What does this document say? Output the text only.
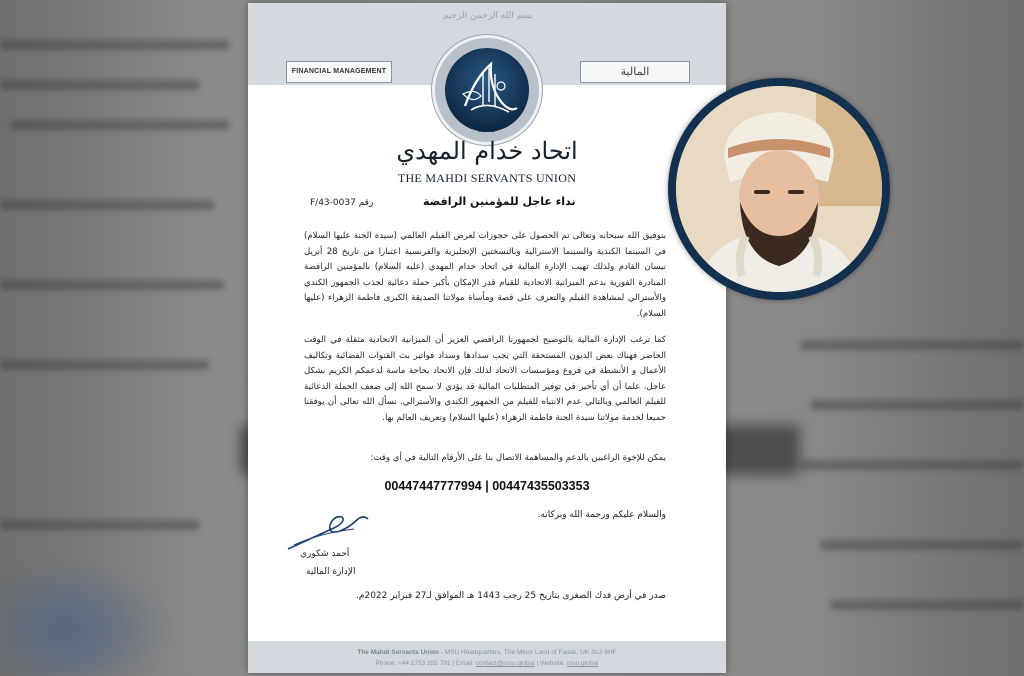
بسم الله الرحمن الرحيم
FINANCIAL MANAGEMENT	المالية
MSU
اتحاد خدام المهدي
THE MAHDI SERVANTS UNION
رقم F/43-0037	نداء عاجل للمؤمنين الرافضة

بتوفيق الله سبحانه وتعالى تم الحصول على حجوزات لعرض الفيلم العالمي (سيدة الجنة عليها السلام) في السينما الكندية والسينما الاسترالية وبالنسختين الإنجليزية والفرنسية اعتبارا من تاريخ 28 أبريل نيسان القادم ولذلك تهيب الإدارة المالية في اتحاد خدام المهدي (عليه السلام) بالمؤمنين الرافضة المبادرة الفورية بدعم الميزانية الاتحادية للقيام قدر الإمكان بأكبر حملة دعائية لجذب الجمهور الكندي والأسترالي لمشاهدة الفيلم والتعرف على قصة ومأساة مولاتنا الصديقة الكبرى فاطمة الزهراء (عليها السلام).

كما ترغب الإدارة المالية بالتوضيح لجمهورنا الرافضي العزيز أن الميزانية الاتحادية مثقلة في الوقت الحاضر فهناك بعض الديون المستحقة التي يجب سدادها وسداد فواتير بث القنوات الفضائية وتكاليف الأعمال و الأنشطة في فروع ومؤسسات الاتحاد لذلك فإن الاتحاد بحاجة ماسة لدعمكم الكريم بشكل عاجل. علما أن أي تأخير في توفير المتطلبات المالية قد يؤدي لا سمح الله إلى ضعف الحملة الدعائية للفيلم العالمي وبالتالي عدم الانتباه للفيلم من الجمهور الكندي والأسترالي. نسأل الله تعالى أن يوفقنا جميعا لخدمة مولاتنا سيدة الجنة فاطمة الزهراء (عليها السلام) وتعريف العالم بها.

يمكن للإخوة الراغبين بالدعم والمساهمة الاتصال بنا على الأرقام التالية في أي وقت:

00447447777994 | 00447435503353
والسلام عليكم ورحمة الله وبركاته.
أحمد شكوري
الإدارة المالية
صدر في أرض فدك الصغرى بتاريخ 25 رجب 1443 هـ الموافق لـ27 فبراير 2022م.
The Mahdi Servants Union - MSU Headquarters, The Minor Land of Fadak, UK SL3 6HF
Phone: +44 1753 355 791 | Email: contact@msu.global | Website: msu.global
